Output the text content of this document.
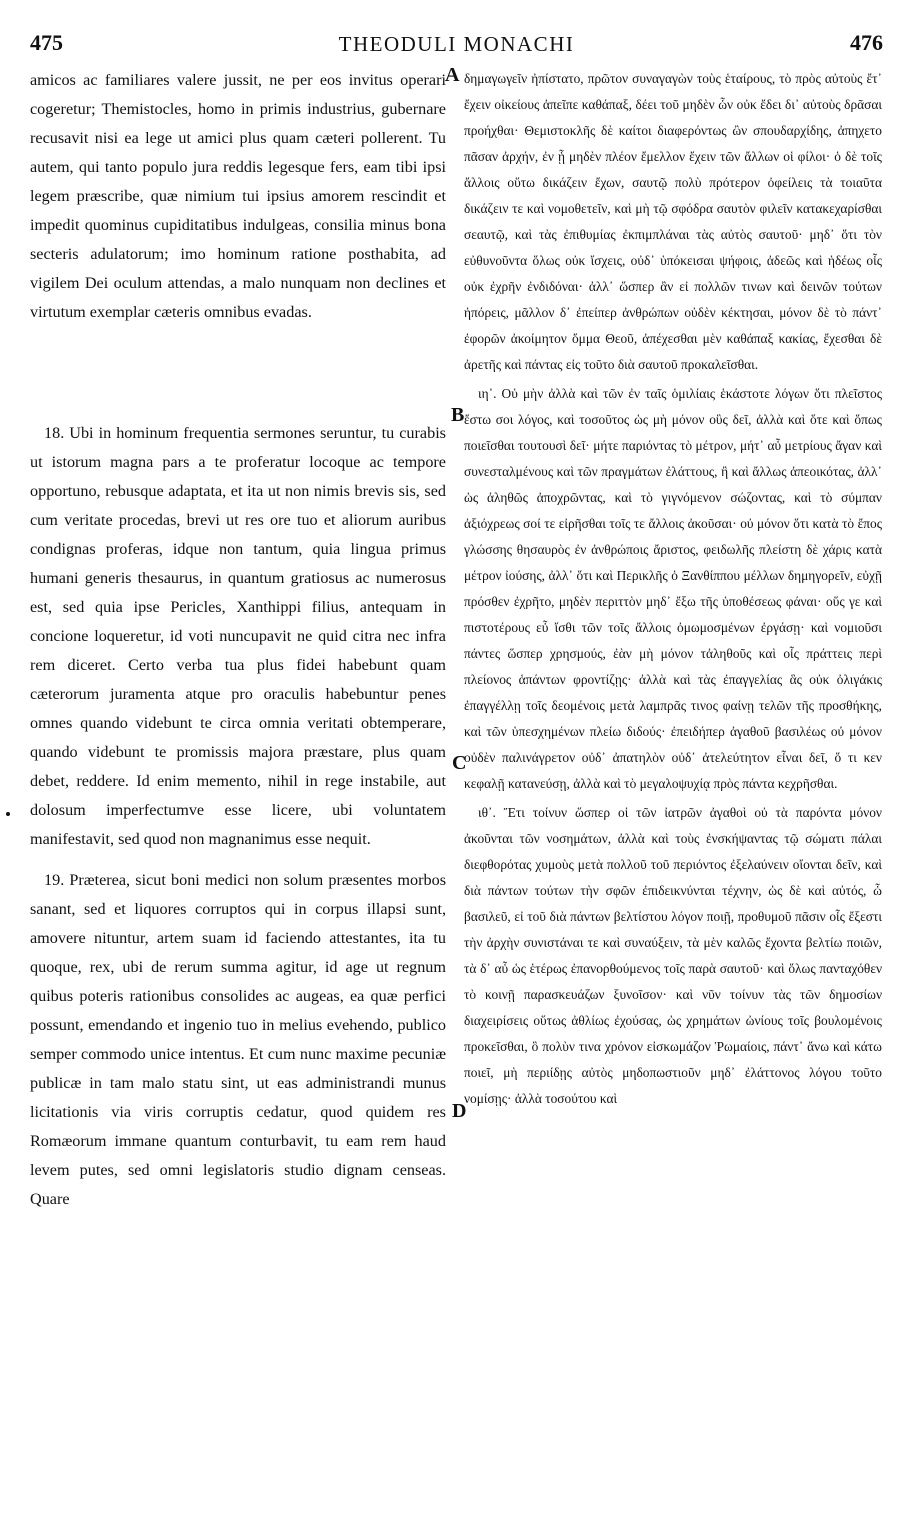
475	THEODULI MONACHI	476

amicos ac familiares valere jussit, ne per eos invitus operari cogeretur; Themistocles, homo in primis industrius, gubernare recusavit nisi ea lege ut amici plus quam cæteri pollerent. Tu autem, qui tanto populo jura reddis legesque fers, eam tibi ipsi legem præscribe, quæ nimium tui ipsius amorem rescindit et impedit quominus cupiditatibus indulgeas, consilia minus bona secteris adulatorum; imo hominum ratione posthabita, ad vigilem Dei oculum attendas, a malo nunquam non declines et virtutum exemplar cæteris omnibus evadas.

18. Ubi in hominum frequentia sermones seruntur, tu curabis ut istorum magna pars a te proferatur locoque ac tempore opportuno, rebusque adaptata, et ita ut non nimis brevis sis, sed cum veritate procedas, brevi ut res ore tuo et aliorum auribus condignas proferas, idque non tantum, quia lingua primus humani generis thesaurus, in quantum gratiosus ac numerosus est, sed quia ipse Pericles, Xanthippi filius, antequam in concione loqueretur, id voti nuncupavit ne quid citra nec infra rem diceret. Certo verba tua plus fidei habebunt quam cæterorum juramenta atque pro oraculis habebuntur penes omnes quando videbunt te circa omnia veritati obtemperare, quando videbunt te promissis majora præstare, plus quam debet, reddere. Id enim memento, nihil in rege instabile, aut dolosum imperfectumve esse licere, ubi voluntatem manifestavit, sed quod non magnanimus esse nequit.

19. Præterea, sicut boni medici non solum præsentes morbos sanant, sed et liquores corruptos qui in corpus illapsi sunt, amovere nituntur, artem suam id faciendo attestantes, ita tu quoque, rex, ubi de rerum summa agitur, id age ut regnum quibus poteris rationibus consolides ac augeas, ea quæ perfici possunt, emendando et ingenio tuo in melius evehendo, publico semper commodo unice intentus. Et cum nunc maxime pecuniæ publicæ in tam malo statu sint, ut eas administrandi munus licitationis via viris corruptis cedatur, quod quidem res Romæorum immane quantum conturbavit, tu eam rem haud levem putes, sed omni legislatoris studio dignam censeas. Quare

A
B
C
D

δημαγωγεῖν ἠπίστατο, πρῶτον συναγαγὼν τοὺς ἑταίρους, τὸ πρὸς αὐτοὺς ἔτ᾽ ἔχειν οἰκείους ἀπεῖπε καθάπαξ, δέει τοῦ μηδὲν ὧν οὐκ ἔδει δι᾽ αὐτοὺς δρᾶσαι προήχθαι· Θεμιστοκλῆς δὲ καίτοι διαφερόντως ὢν σπουδαρχίδης, ἀπηχετο πᾶσαν ἀρχήν, ἐν ᾗ μηδὲν πλέον ἔμελλον ἔχειν τῶν ἄλλων οἱ φίλοι· ὁ δὲ τοῖς ἄλλοις οὕτω δικάζειν ἔχων, σαυτῷ πολὺ πρότερον ὀφείλεις τὰ τοιαῦτα δικάζειν τε καὶ νομοθετεῖν, καὶ μὴ τῷ σφόδρα σαυτὸν φιλεῖν κατακεχαρίσθαι σεαυτῷ, καὶ τὰς ἐπιθυμίας ἐκπιμπλάναι τὰς αὐτὸς σαυτοῦ· μηδ᾽ ὅτι τὸν εὐθυνοῦντα ὅλως οὐκ ἴσχεις, οὐδ᾽ ὑπόκεισαι ψήφοις, ἀδεῶς καὶ ἡδέως οἷς οὐκ ἐχρῆν ἐνδιδόναι· ἀλλ᾽ ὥσπερ ἂν εἰ πολλῶν τινων καὶ δεινῶν τούτων ἠπόρεις, μᾶλλον δ᾽ ἐπείπερ ἀνθρώπων οὐδὲν κέκτησαι, μόνον δὲ τὸ πάντ᾽ ἐφορῶν ἀκοίμητον ὄμμα Θεοῦ, ἀπέχεσθαι μὲν καθάπαξ κακίας, ἔχεσθαι δὲ ἀρετῆς καὶ πάντας εἰς τοῦτο διὰ σαυτοῦ προκαλεῖσθαι.

ιη᾽. Οὐ μὴν ἀλλὰ καὶ τῶν ἐν ταῖς ὁμιλίαις ἑκάστοτε λόγων ὅτι πλεῖστος ἔστω σοι λόγος, καὶ τοσοῦτος ὡς μὴ μόνον οὓς δεῖ, ἀλλὰ καὶ ὅτε καὶ ὅπως ποιεῖσθαι τουτουσὶ δεῖ· μήτε παριόντας τὸ μέτρον, μήτ᾽ αὖ μετρίους ἄγαν καὶ συνεσταλμένους καὶ τῶν πραγμάτων ἐλάττους, ἢ καὶ ἄλλως ἀπεοικότας, ἀλλ᾽ ὡς ἀληθῶς ἀποχρῶντας, καὶ τὸ γιγνόμενον σώζοντας, καὶ τὸ σύμπαν ἀξιόχρεως σοί τε εἰρῆσθαι τοῖς τε ἄλλοις ἀκοῦσαι· οὐ μόνον ὅτι κατὰ τὸ ἔπος γλώσσης θησαυρὸς ἐν ἀνθρώποις ἄριστος, φειδωλῆς πλείστη δὲ χάρις κατὰ μέτρον ἰούσης, ἀλλ᾽ ὅτι καὶ Περικλῆς ὁ Ξανθίππου μέλλων δημηγορεῖν, εὐχῇ πρόσθεν ἐχρῆτο, μηδὲν περιττὸν μηδ᾽ ἔξω τῆς ὑποθέσεως φάναι· οὕς γε καὶ πιστοτέρους εὖ ἴσθι τῶν τοῖς ἄλλοις ὀμωμοσμένων ἐργάσῃ· καὶ νομιοῦσι πάντες ὥσπερ χρησμούς, ἐὰν μὴ μόνον τἀληθοῦς καὶ οἷς πράττεις περὶ πλείονος ἁπάντων φροντίζῃς· ἀλλὰ καὶ τὰς ἐπαγγελίας ἃς οὐκ ὀλιγάκις ἐπαγγέλλῃ τοῖς δεομένοις μετὰ λαμπρᾶς τινος φαίνῃ τελῶν τῆς προσθήκης, καὶ τῶν ὑπεσχημένων πλείω διδούς· ἐπειδήπερ ἀγαθοῦ βασιλέως οὐ μόνον οὐδὲν παλινάγρετον οὐδ᾽ ἀπατηλὸν οὐδ᾽ ἀτελεύτητον εἶναι δεῖ, ὅ τι κεν κεφαλῇ κατανεύσῃ, ἀλλὰ καὶ τὸ μεγαλοψυχίᾳ πρὸς πάντα κεχρῆσθαι.

ιθ᾽. Ἔτι τοίνυν ὥσπερ οἱ τῶν ἰατρῶν ἀγαθοὶ οὐ τὰ παρόντα μόνον ἀκοῦνται τῶν νοσημάτων, ἀλλὰ καὶ τοὺς ἐνσκήψαντας τῷ σώματι πάλαι διεφθορότας χυμοὺς μετὰ πολλοῦ τοῦ περιόντος ἐξελαύνειν οἴονται δεῖν, καὶ διὰ πάντων τούτων τὴν σφῶν ἐπιδεικνύνται τέχνην, ὡς δὲ καὶ αὐτός, ὦ βασιλεῦ, εἰ τοῦ διὰ πάντων βελτίστου λόγον ποιῇ, προθυμοῦ πᾶσιν οἷς ἔξεστι τὴν ἀρχὴν συνιστάναι τε καὶ συναύξειν, τὰ μὲν καλῶς ἔχοντα βελτίω ποιῶν, τὰ δ᾽ αὖ ὡς ἑτέρως ἐπανορθούμενος τοῖς παρὰ σαυτοῦ· καὶ ὅλως πανταχόθεν τὸ κοινῇ παρασκευάζων ξυνοῖσον· καὶ νῦν τοίνυν τὰς τῶν δημοσίων διαχειρίσεις οὕτως ἀθλίως ἐχούσας, ὡς χρημάτων ὠνίους τοῖς βουλομένοις προκεῖσθαι, ὃ πολὺν τινα χρόνον εἰσκωμάζον Ῥωμαίοις, πάντ᾽ ἄνω καὶ κάτω ποιεῖ, μὴ περιίδῃς αὐτὸς μηδοπωστιοῦν μηδ᾽ ἐλάττονος λόγου τοῦτο νομίσῃς· ἀλλὰ τοσούτου καὶ
